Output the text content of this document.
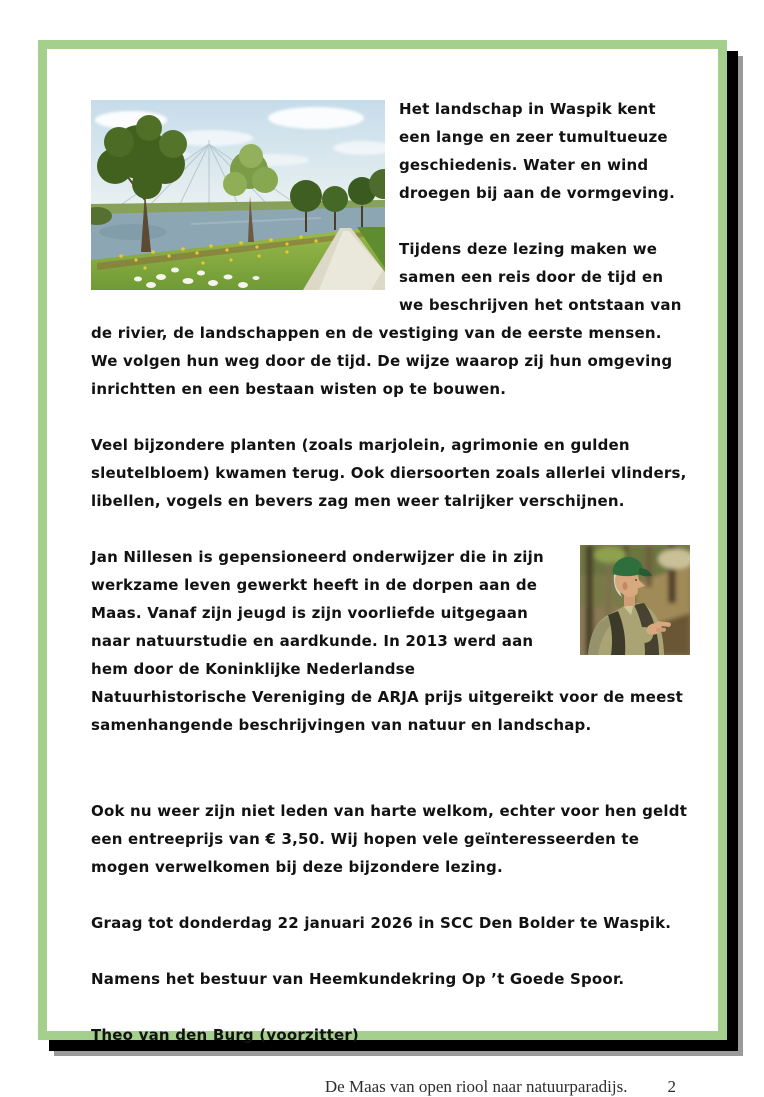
Het landschap in Waspik kent een lange en zeer tumultueuze geschiedenis. Water en wind droegen bij aan de vormgeving.

Tijdens deze lezing maken we samen een reis door de tijd en we beschrijven het ontstaan van de rivier, de landschappen en de vestiging van de eerste mensen. We volgen hun weg door de tijd. De wijze waarop zij hun omgeving inrichtten en een bestaan wisten op te bouwen.

Veel bijzondere planten (zoals marjolein, agrimonie en gulden sleutelbloem) kwamen terug. Ook diersoorten zoals allerlei vlinders, libellen, vogels en bevers zag men weer talrijker verschijnen.

Jan Nillesen is gepensioneerd onderwijzer die in zijn werkzame leven gewerkt heeft in de dorpen aan de Maas. Vanaf zijn jeugd is zijn voorliefde uitgegaan naar natuurstudie en aardkunde. In 2013 werd aan hem door de Koninklijke Nederlandse Natuurhistorische Vereniging de ARJA prijs uitgereikt voor de meest samenhangende beschrijvingen van natuur en landschap.

Ook nu weer zijn niet leden van harte welkom, echter voor hen geldt een entreeprijs van € 3,50. Wij hopen vele geïnteresseerden te mogen verwelkomen bij deze bijzondere lezing.

Graag tot donderdag 22 januari 2026 in SCC Den Bolder te Waspik.

Namens het bestuur van Heemkundekring Op ’t Goede Spoor.

Theo van den Burg (voorzitter)

De Maas van open riool naar natuurparadijs. 2
